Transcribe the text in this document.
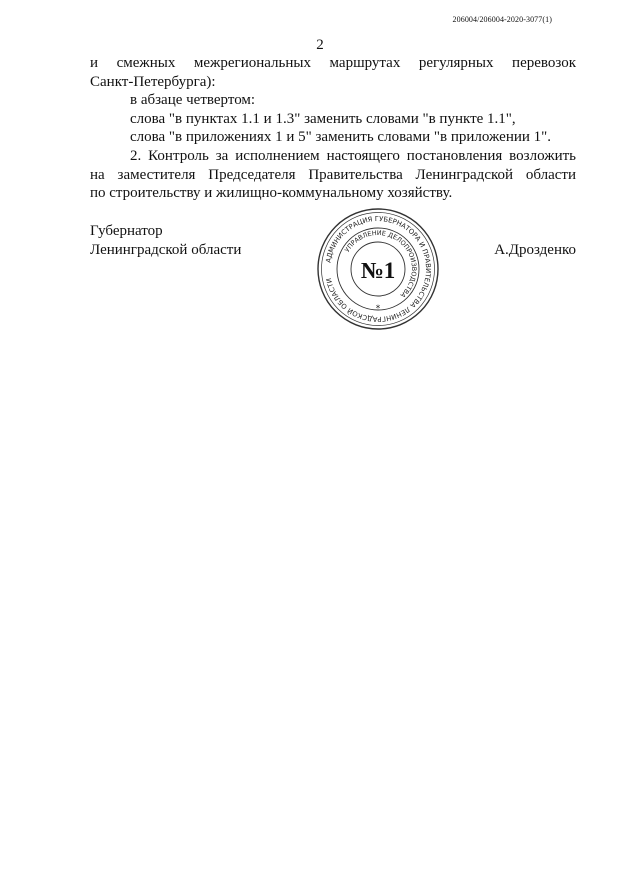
206004/206004-2020-3077(1)
2
и смежных межрегиональных маршрутах регулярных перевозок
Санкт-Петербурга):
в абзаце четвертом:
слова "в пунктах 1.1 и 1.3" заменить словами "в пункте 1.1",
слова "в приложениях 1 и 5" заменить словами "в приложении 1".
2. Контроль за исполнением настоящего постановления возложить
на заместителя Председателя Правительства Ленинградской области
по строительству и жилищно-коммунальному хозяйству.
Губернатор
Ленинградской области	А.Дрозденко
АДМИНИСТРАЦИЯ ГУБЕРНАТОРА И ПРАВИТЕЛЬСТВА ЛЕНИНГРАДСКОЙ ОБЛАСТИ
УПРАВЛЕНИЕ ДЕЛОПРОИЗВОДСТВА
№1
*
